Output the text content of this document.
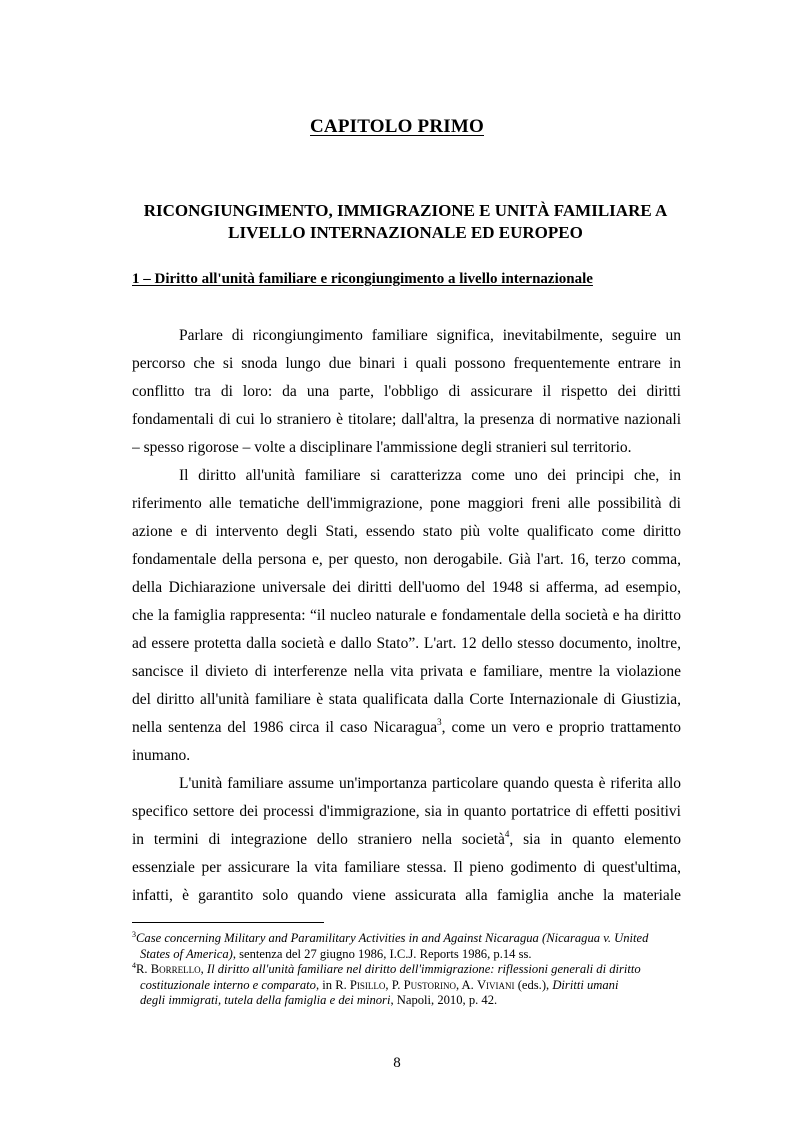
CAPITOLO PRIMO
RICONGIUNGIMENTO, IMMIGRAZIONE E UNITÀ FAMILIARE A
LIVELLO INTERNAZIONALE ED EUROPEO
1 – Diritto all'unità familiare e ricongiungimento a livello internazionale
Parlare di ricongiungimento familiare significa, inevitabilmente, seguire un
percorso che si snoda lungo due binari i quali possono frequentemente entrare in
conflitto tra di loro: da una parte, l'obbligo di assicurare il rispetto dei diritti
fondamentali di cui lo straniero è titolare; dall'altra, la presenza di normative nazionali
– spesso rigorose – volte a disciplinare l'ammissione degli stranieri sul territorio.
Il diritto all'unità familiare si caratterizza come uno dei principi che, in
riferimento alle tematiche dell'immigrazione, pone maggiori freni alle possibilità di
azione e di intervento degli Stati, essendo stato più volte qualificato come diritto
fondamentale della persona e, per questo, non derogabile. Già l'art. 16, terzo comma,
della Dichiarazione universale dei diritti dell'uomo del 1948 si afferma, ad esempio,
che la famiglia rappresenta: “il nucleo naturale e fondamentale della società e ha diritto
ad essere protetta dalla società e dallo Stato”. L'art. 12 dello stesso documento, inoltre,
sancisce il divieto di interferenze nella vita privata e familiare, mentre la violazione
del diritto all'unità familiare è stata qualificata dalla Corte Internazionale di Giustizia,
nella sentenza del 1986 circa il caso Nicaragua$^3$, come un vero e proprio trattamento
inumano.
L'unità familiare assume un'importanza particolare quando questa è riferita allo
specifico settore dei processi d'immigrazione, sia in quanto portatrice di effetti positivi
in termini di integrazione dello straniero nella società$^4$, sia in quanto elemento
essenziale per assicurare la vita familiare stessa. Il pieno godimento di quest'ultima,
infatti, è garantito solo quando viene assicurata alla famiglia anche la materiale
$^3$Case concerning Military and Paramilitary Activities in and Against Nicaragua (Nicaragua v. United
States of America), sentenza del 27 giugno 1986, I.C.J. Reports 1986, p.14 ss.
$^4$R. Borrello, Il diritto all'unità familiare nel diritto dell'immigrazione: riflessioni generali di diritto
costituzionale interno e comparato, in R. Pisillo, P. Pustorino, A. Viviani (eds.), Diritti umani
degli immigrati, tutela della famiglia e dei minori, Napoli, 2010, p. 42.
8
